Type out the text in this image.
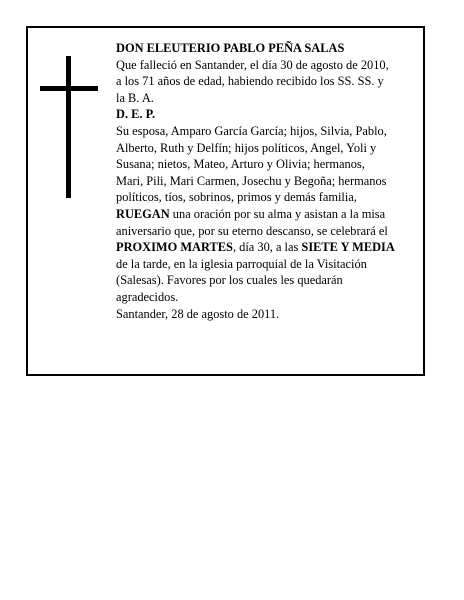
DON ELEUTERIO PABLO PEÑA SALAS

Que falleció en Santander, el día 30 de agosto de 2010,

a los 71 años de edad, habiendo recibido los SS. SS. y

la B. A.

D. E. P.

Su esposa, Amparo García García; hijos, Silvia, Pablo,

Alberto, Ruth y Delfín; hijos políticos, Angel, Yoli y

Susana; nietos, Mateo, Arturo y Olivia; hermanos,

Mari, Pili, Mari Carmen, Josechu y Begoña; hermanos

políticos, tíos, sobrinos, primos y demás familia,

RUEGAN una oración por su alma y asistan a la misa

aniversario que, por su eterno descanso, se celebrará el

PROXIMO MARTES, día 30, a las SIETE Y MEDIA

de la tarde, en la iglesia parroquial de la Visitación

(Salesas). Favores por los cuales les quedarán

agradecidos.

Santander, 28 de agosto de 2011.
